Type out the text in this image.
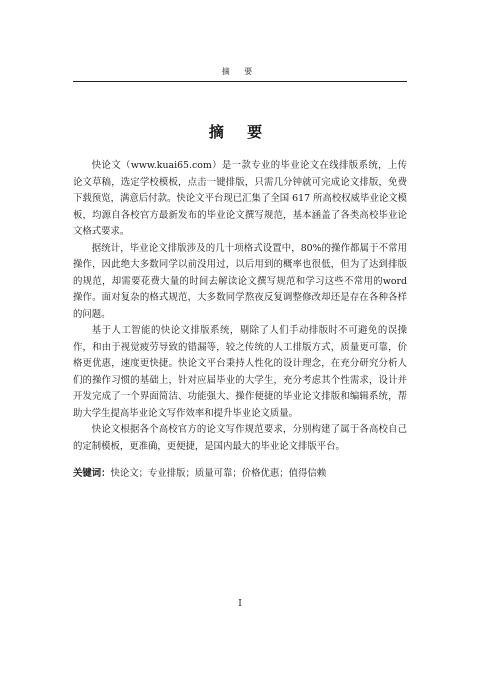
摘 要
摘 要

快论文（www.kuai65.com）是一款专业的毕业论文在线排版系统，上传论文草稿，选定学校模板，点击一键排版，只需几分钟就可完成论文排版，免费下载预览，满意后付款。快论文平台现已汇集了全国 617 所高校权威毕业论文模板，均源自各校官方最新发布的毕业论文撰写规范，基本涵盖了各类高校毕业论文格式要求。

据统计，毕业论文排版涉及的几十项格式设置中，80%的操作都属于不常用操作，因此绝大多数同学以前没用过，以后用到的概率也很低，但为了达到排版的规范，却需要花费大量的时间去解读论文撰写规范和学习这些不常用的word 操作。面对复杂的格式规范，大多数同学熬夜反复调整修改却还是存在各种各样的问题。

基于人工智能的快论文排版系统，剔除了人们手动排版时不可避免的误操作，和由于视觉疲劳导致的错漏等，较之传统的人工排版方式，质量更可靠，价格更优惠，速度更快捷。快论文平台秉持人性化的设计理念，在充分研究分析人们的操作习惯的基础上，针对应届毕业的大学生，充分考虑其个性需求，设计并开发完成了一个界面简洁、功能强大、操作便捷的毕业论文排版和编辑系统，帮助大学生提高毕业论文写作效率和提升毕业论文质量。

快论文根据各个高校官方的论文写作规范要求，分别构建了属于各高校自己的定制模板，更准确，更便捷，是国内最大的毕业论文排版平台。

关键词：快论文；专业排版；质量可靠；价格优惠；值得信赖

I
